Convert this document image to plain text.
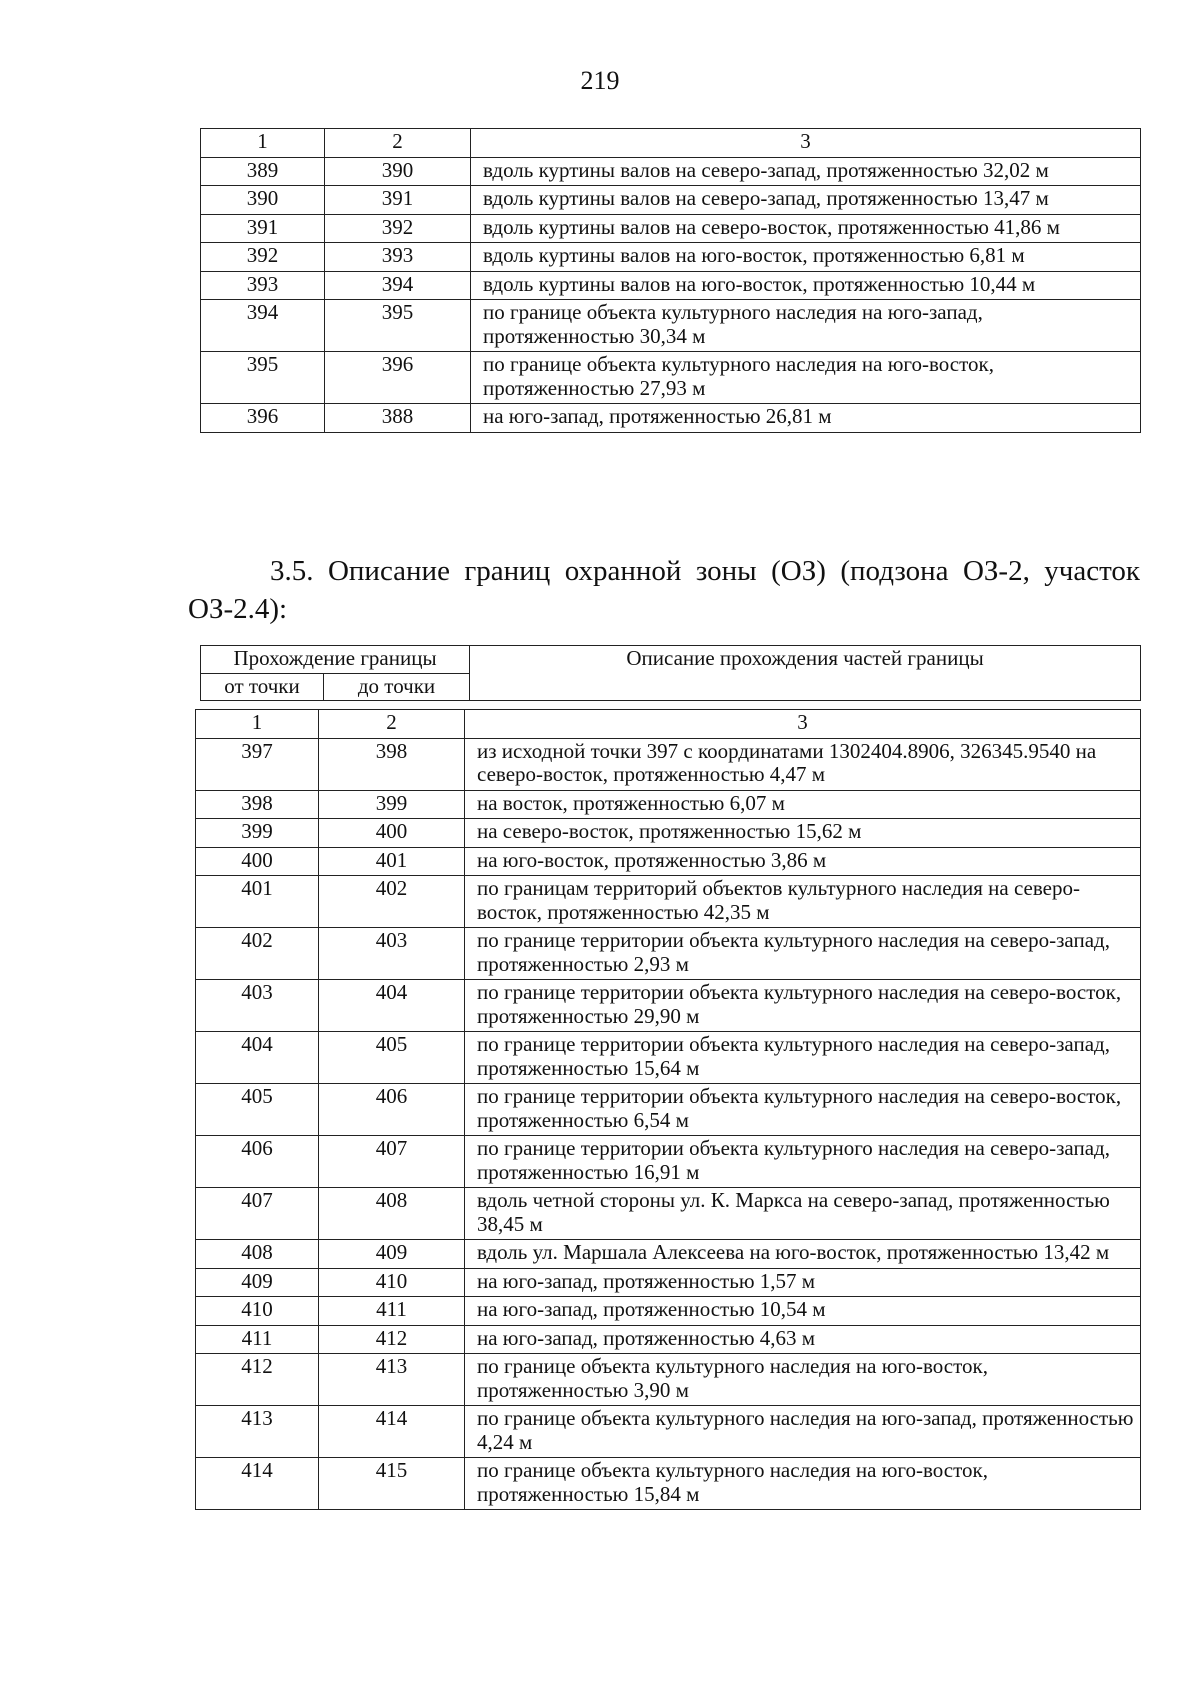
219
1	2	3
389	390	вдоль куртины валов на северо-запад, протяженностью 32,02 м
390	391	вдоль куртины валов на северо-запад, протяженностью 13,47 м
391	392	вдоль куртины валов на северо-восток, протяженностью 41,86 м
392	393	вдоль куртины валов на юго-восток, протяженностью 6,81 м
393	394	вдоль куртины валов на юго-восток, протяженностью 10,44 м
394	395	по границе объекта культурного наследия на юго-запад, протяженностью 30,34 м
395	396	по границе объекта культурного наследия на юго-восток, протяженностью 27,93 м
396	388	на юго-запад, протяженностью 26,81 м
3.5. Описание границ охранной зоны (ОЗ) (подзона ОЗ-2, участок ОЗ-2.4):
Прохождение границы		Описание прохождения частей границы
от точки	до точки	
1	2	3
397	398	из исходной точки 397 с координатами 1302404.8906, 326345.9540 на северо-восток, протяженностью 4,47 м
398	399	на восток, протяженностью 6,07 м
399	400	на северо-восток, протяженностью 15,62 м
400	401	на юго-восток, протяженностью 3,86 м
401	402	по границам территорий объектов культурного наследия на северо-восток, протяженностью 42,35 м
402	403	по границе территории объекта культурного наследия на северо-запад, протяженностью 2,93 м
403	404	по границе территории объекта культурного наследия на северо-восток, протяженностью 29,90 м
404	405	по границе территории объекта культурного наследия на северо-запад, протяженностью 15,64 м
405	406	по границе территории объекта культурного наследия на северо-восток, протяженностью 6,54 м
406	407	по границе территории объекта культурного наследия на северо-запад, протяженностью 16,91 м
407	408	вдоль четной стороны ул. К. Маркса на северо-запад, протяженностью 38,45 м
408	409	вдоль ул. Маршала Алексеева на юго-восток, протяженностью 13,42 м
409	410	на юго-запад, протяженностью 1,57 м
410	411	на юго-запад, протяженностью 10,54 м
411	412	на юго-запад, протяженностью 4,63 м
412	413	по границе объекта культурного наследия на юго-восток, протяженностью 3,90 м
413	414	по границе объекта культурного наследия на юго-запад, протяженностью 4,24 м
414	415	по границе объекта культурного наследия на юго-восток, протяженностью 15,84 м
